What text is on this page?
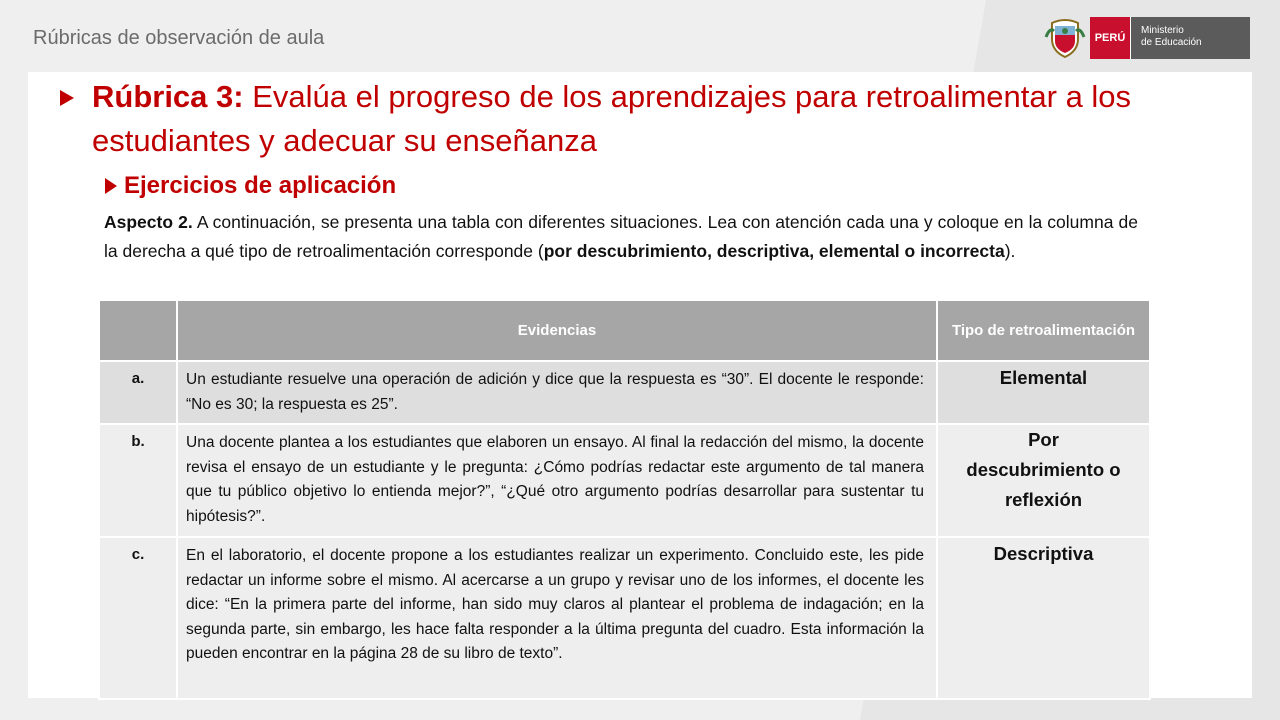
Rúbricas de observación de aula	PERÚ
Ministerio
de Educación
Rúbrica 3: Evalúa el progreso de los aprendizajes para retroalimentar a los estudiantes y adecuar su enseñanza
Ejercicios de aplicación
Aspecto 2. A continuación, se presenta una tabla con diferentes situaciones. Lea con atención cada una y coloque en la columna de la derecha a qué tipo de retroalimentación corresponde (por descubrimiento, descriptiva, elemental o incorrecta).
	Evidencias	Tipo de retroalimentación
a.	Un estudiante resuelve una operación de adición y dice que la respuesta es “30”. El docente le responde: “No es 30; la respuesta es 25”.	Elemental
b.	Una docente plantea a los estudiantes que elaboren un ensayo. Al final la redacción del mismo, la docente revisa el ensayo de un estudiante y le pregunta: ¿Cómo podrías redactar este argumento de tal manera que tu público objetivo lo entienda mejor?”, “¿Qué otro argumento podrías desarrollar para sustentar tu hipótesis?”.	Por descubrimiento o reflexión
c.	En el laboratorio, el docente propone a los estudiantes realizar un experimento. Concluido este, les pide redactar un informe sobre el mismo. Al acercarse a un grupo y revisar uno de los informes, el docente les dice: “En la primera parte del informe, han sido muy claros al plantear el problema de indagación; en la segunda parte, sin embargo, les hace falta responder a la última pregunta del cuadro. Esta información la pueden encontrar en la página 28 de su libro de texto”.	Descriptiva
